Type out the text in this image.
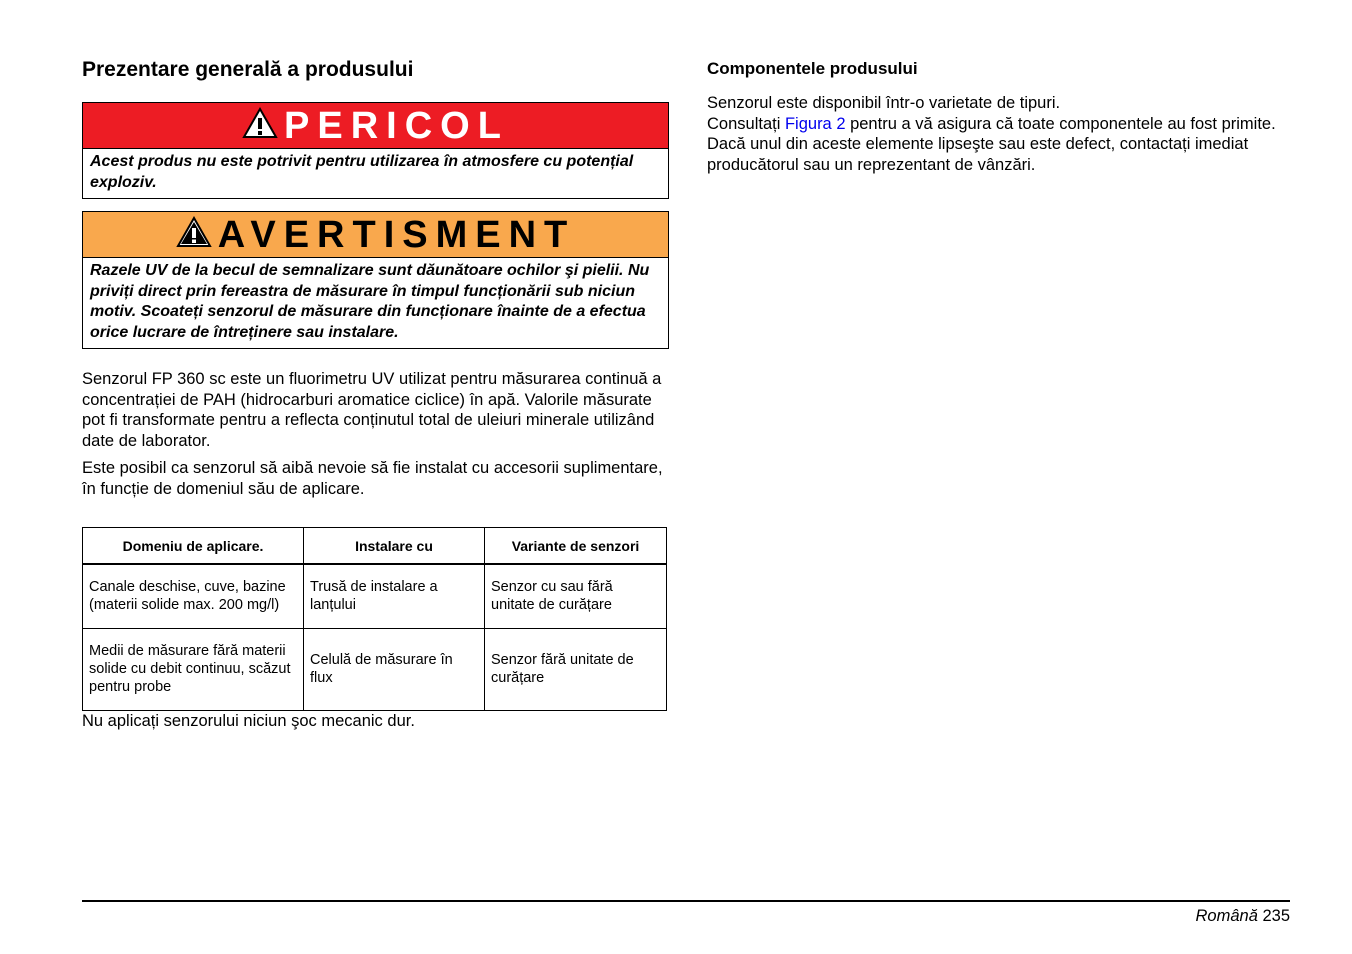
Prezentare generală a produsului
PERICOL
Acest produs nu este potrivit pentru utilizarea în atmosfere cu potențial exploziv.
AVERTISMENT
Razele UV de la becul de semnalizare sunt dăunătoare ochilor şi pielii. Nu priviți direct prin fereastra de măsurare în timpul funcționării sub niciun motiv. Scoateți senzorul de măsurare din funcționare înainte de a efectua orice lucrare de întreținere sau instalare.

Senzorul FP 360 sc este un fluorimetru UV utilizat pentru măsurarea continuă a concentrației de PAH (hidrocarburi aromatice ciclice) în apă. Valorile măsurate pot fi transformate pentru a reflecta conținutul total de uleiuri minerale utilizând date de laborator.

Este posibil ca senzorul să aibă nevoie să fie instalat cu accesorii suplimentare, în funcție de domeniul său de aplicare.

Domeniu de aplicare.	Instalare cu	Variante de senzori
Canale deschise, cuve, bazine (materii solide max. 200 mg/l)	Trusă de instalare a lanțului	Senzor cu sau fără unitate de curățare
Medii de măsurare fără materii solide cu debit continuu, scăzut pentru probe	Celulă de măsurare în flux	Senzor fără unitate de curățare

Nu aplicați senzorului niciun şoc mecanic dur.

Componentele produsului

Senzorul este disponibil într-o varietate de tipuri.
Consultați Figura 2 pentru a vă asigura că toate componentele au fost primite. Dacă unul din aceste elemente lipseşte sau este defect, contactați imediat producătorul sau un reprezentant de vânzări.

Română 235
